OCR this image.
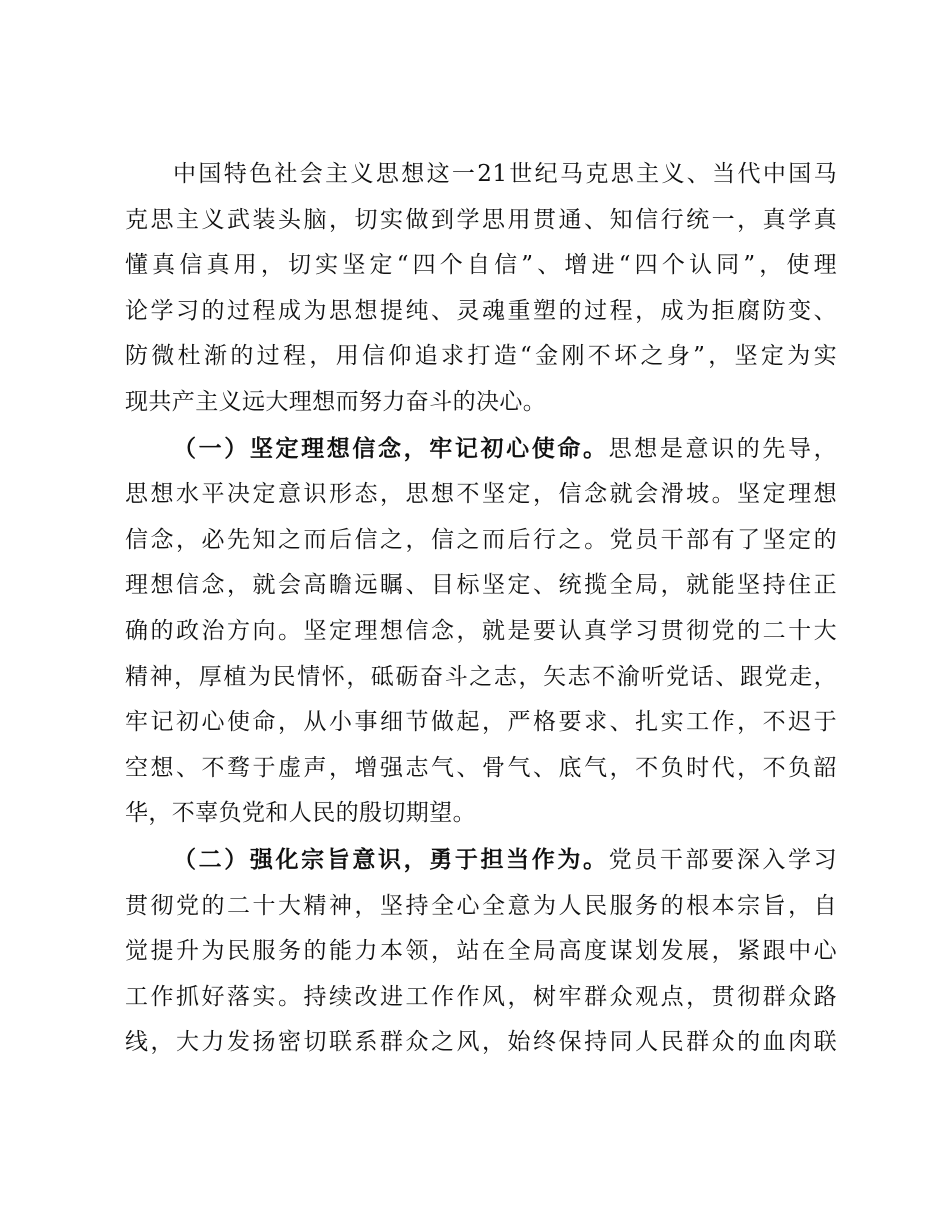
中国特色社会主义思想这一21世纪马克思主义、当代中国马
克思主义武装头脑，切实做到学思用贯通、知信行统一，真学真
懂真信真用，切实坚定“四个自信”、增进“四个认同”，使理
论学习的过程成为思想提纯、灵魂重塑的过程，成为拒腐防变、
防微杜渐的过程，用信仰追求打造“金刚不坏之身”，坚定为实
现共产主义远大理想而努力奋斗的决心。
（一）坚定理想信念，牢记初心使命。思想是意识的先导，
思想水平决定意识形态，思想不坚定，信念就会滑坡。坚定理想
信念，必先知之而后信之，信之而后行之。党员干部有了坚定的
理想信念，就会高瞻远瞩、目标坚定、统揽全局，就能坚持住正
确的政治方向。坚定理想信念，就是要认真学习贯彻党的二十大
精神，厚植为民情怀，砥砺奋斗之志，矢志不渝听党话、跟党走，
牢记初心使命，从小事细节做起，严格要求、扎实工作，不迟于
空想、不骛于虚声，增强志气、骨气、底气，不负时代，不负韶
华，不辜负党和人民的殷切期望。
（二）强化宗旨意识，勇于担当作为。党员干部要深入学习
贯彻党的二十大精神，坚持全心全意为人民服务的根本宗旨，自
觉提升为民服务的能力本领，站在全局高度谋划发展，紧跟中心
工作抓好落实。持续改进工作作风，树牢群众观点，贯彻群众路
线，大力发扬密切联系群众之风，始终保持同人民群众的血肉联
